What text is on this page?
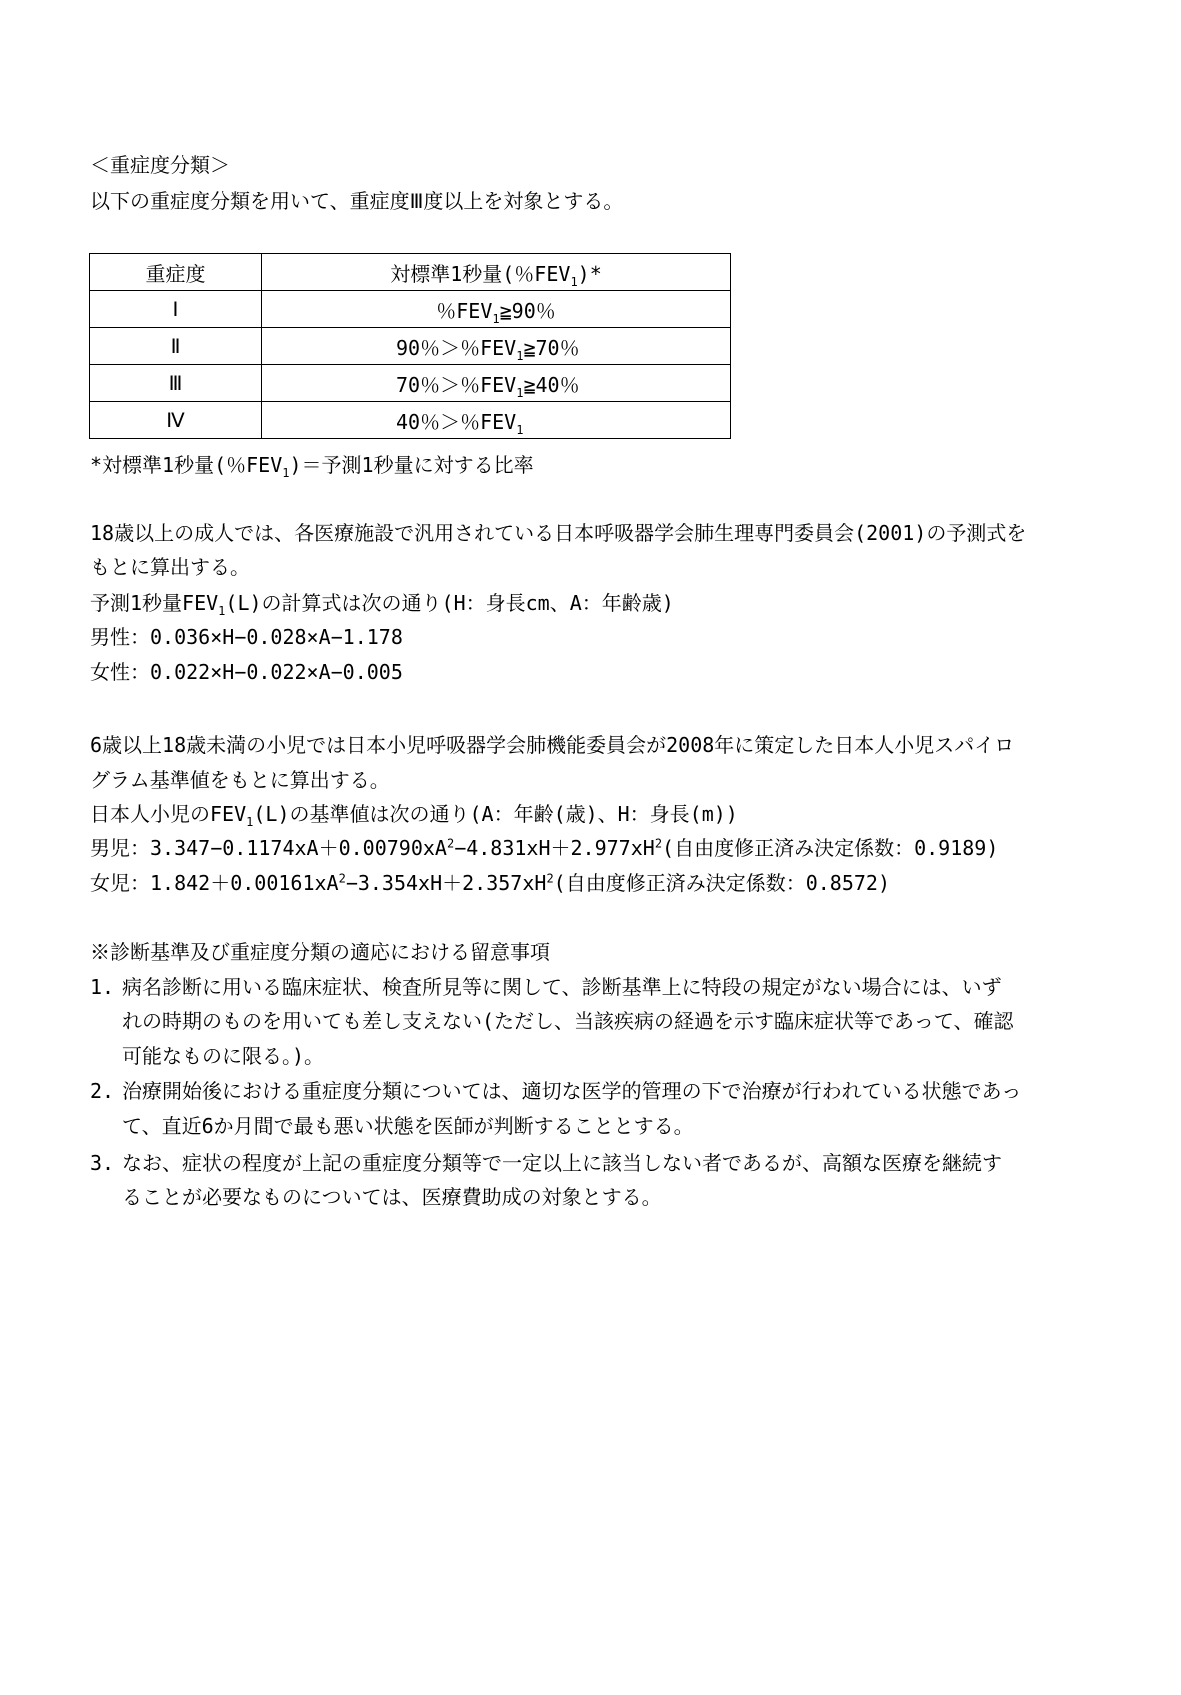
＜重症度分類＞
以下の重症度分類を用いて、重症度Ⅲ度以上を対象とする。
重症度	対標準1秒量(％$FEV_1)*$
Ⅰ	％$FEV_1≧90$％
Ⅱ	90％＞％$FEV_1≧70$％
Ⅲ	70％＞％$FEV_1≧40$％
Ⅳ	40％＞％$FEV_1$
*対標準1秒量(％$FEV_1)=$予測1秒量に対する比率
18歳以上の成人では、各医療施設で汎用されている日本呼吸器学会肺生理専門委員会(2001)の予測式を
もとに算出する。
予測1秒量$FEV_1(L)$の計算式は次の通り(H：身長cm、A：年齢歳)
男性：0.036×H−0.028×A−1.178
女性：0.022×H−0.022×A−0.005
6歳以上18歳未満の小児では日本小児呼吸器学会肺機能委員会が2008年に策定した日本人小児スパイロ
グラム基準値をもとに算出する。
日本人小児の$FEV_1(L)$の基準値は次の通り(A：年齢(歳)、H：身長(m))
男児：$3.347-0.1174xA+0.00790xA^2-4.831xH+2.977xH^2$(自由度修正済み決定係数：0.9189)
女児：$1.842+0.00161xA^2-3.354xH+2.357xH^2$(自由度修正済み決定係数：0.8572)
※診断基準及び重症度分類の適応における留意事項
1. 病名診断に用いる臨床症状、検査所見等に関して、診断基準上に特段の規定がない場合には、いず
れの時期のものを用いても差し支えない(ただし、当該疾病の経過を示す臨床症状等であって、確認
可能なものに限る。)。
2. 治療開始後における重症度分類については、適切な医学的管理の下で治療が行われている状態であっ
て、直近6か月間で最も悪い状態を医師が判断することとする。
3. なお、症状の程度が上記の重症度分類等で一定以上に該当しない者であるが、高額な医療を継続す
ることが必要なものについては、医療費助成の対象とする。
